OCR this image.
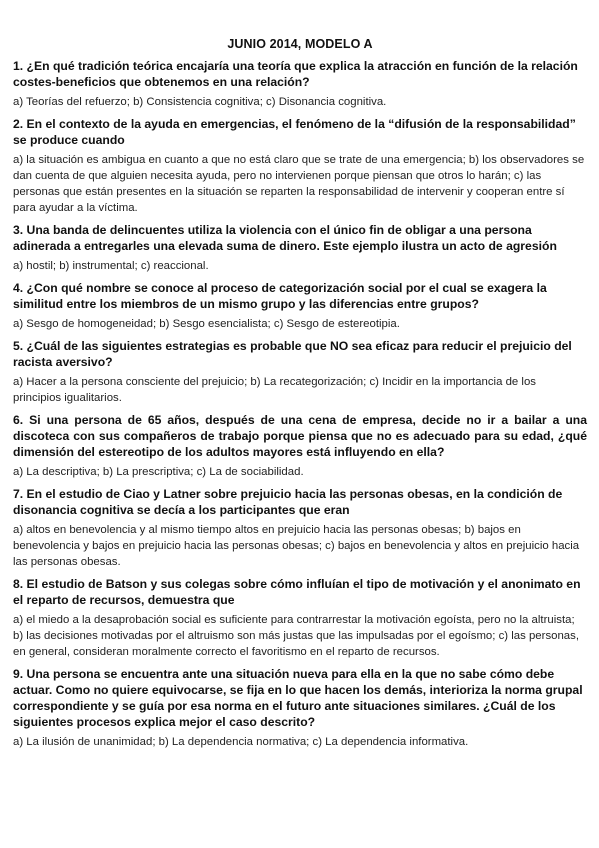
JUNIO 2014, MODELO A
1. ¿En qué tradición teórica encajaría una teoría que explica la atracción en función de la relación costes-beneficios que obtenemos en una relación?
a) Teorías del refuerzo; b) Consistencia cognitiva; c) Disonancia cognitiva.
2. En el contexto de la ayuda en emergencias, el fenómeno de la “difusión de la responsabilidad” se produce cuando
a) la situación es ambigua en cuanto a que no está claro que se trate de una emergencia; b) los observadores se dan cuenta de que alguien necesita ayuda, pero no intervienen porque piensan que otros lo harán; c) las personas que están presentes en la situación se reparten la responsabilidad de intervenir y cooperan entre sí para ayudar a la víctima.
3. Una banda de delincuentes utiliza la violencia con el único fin de obligar a una persona adinerada a entregarles una elevada suma de dinero. Este ejemplo ilustra un acto de agresión
a) hostil; b) instrumental; c) reaccional.
4. ¿Con qué nombre se conoce al proceso de categorización social por el cual se exagera la similitud entre los miembros de un mismo grupo y las diferencias entre grupos?
a) Sesgo de homogeneidad; b) Sesgo esencialista; c) Sesgo de estereotipia.
5. ¿Cuál de las siguientes estrategias es probable que NO sea eficaz para reducir el prejuicio del racista aversivo?
a) Hacer a la persona consciente del prejuicio; b) La recategorización; c) Incidir en la importancia de los principios igualitarios.
6. Si una persona de 65 años, después de una cena de empresa, decide no ir a bailar a una discoteca con sus compañeros de trabajo porque piensa que no es adecuado para su edad, ¿qué dimensión del estereotipo de los adultos mayores está influyendo en ella?
a) La descriptiva; b) La prescriptiva; c) La de sociabilidad.
7. En el estudio de Ciao y Latner sobre prejuicio hacia las personas obesas, en la condición de disonancia cognitiva se decía a los participantes que eran
a) altos en benevolencia y al mismo tiempo altos en prejuicio hacia las personas obesas; b) bajos en benevolencia y bajos en prejuicio hacia las personas obesas; c) bajos en benevolencia y altos en prejuicio hacia las personas obesas.
8. El estudio de Batson y sus colegas sobre cómo influían el tipo de motivación y el anonimato en el reparto de recursos, demuestra que
a) el miedo a la desaprobación social es suficiente para contrarrestar la motivación egoísta, pero no la altruista; b) las decisiones motivadas por el altruismo son más justas que las impulsadas por el egoísmo; c) las personas, en general, consideran moralmente correcto el favoritismo en el reparto de recursos.
9. Una persona se encuentra ante una situación nueva para ella en la que no sabe cómo debe actuar. Como no quiere equivocarse, se fija en lo que hacen los demás, interioriza la norma grupal correspondiente y se guía por esa norma en el futuro ante situaciones similares. ¿Cuál de los siguientes procesos explica mejor el caso descrito?
a) La ilusión de unanimidad; b) La dependencia normativa; c) La dependencia informativa.
